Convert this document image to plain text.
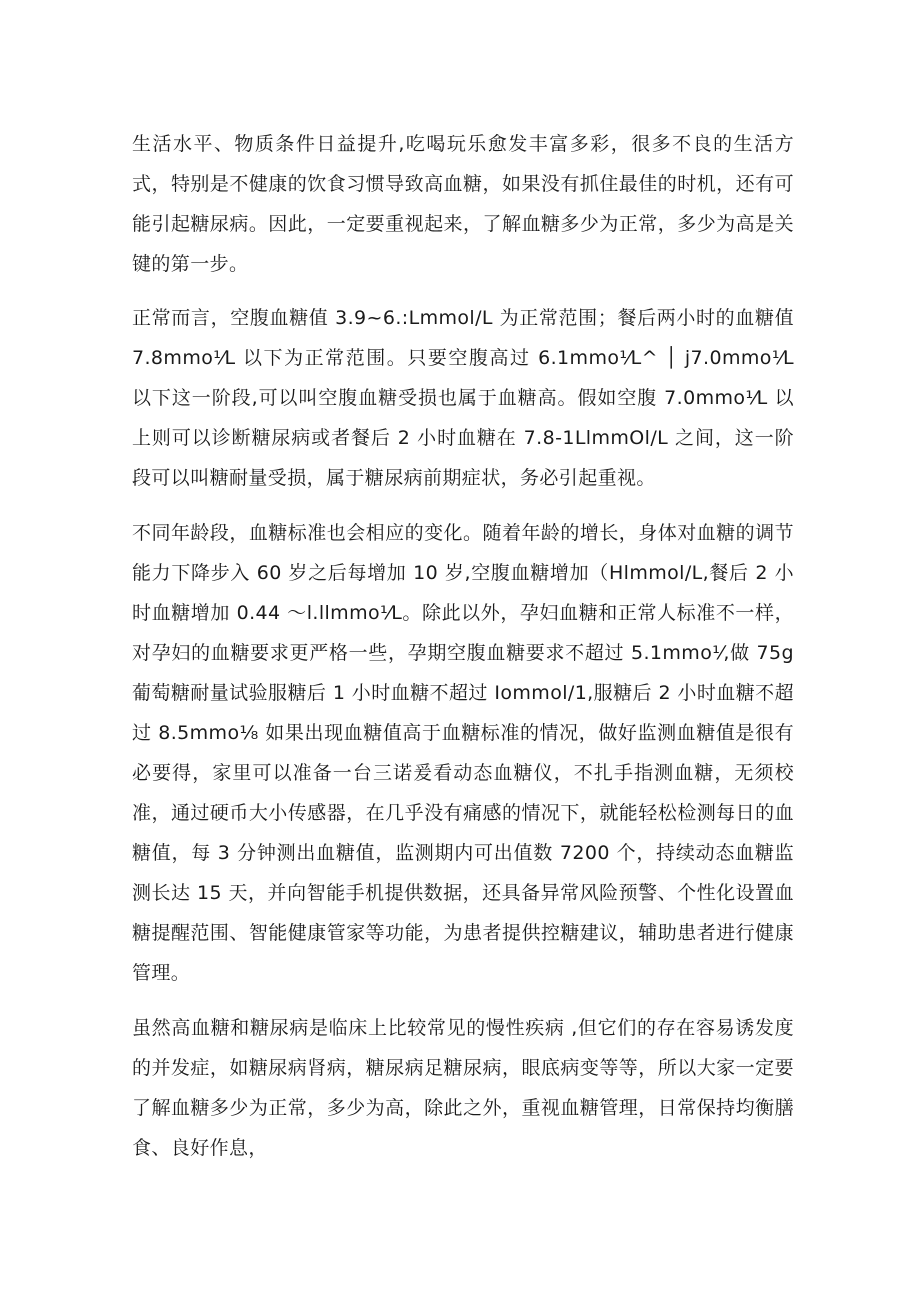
生活水平、物质条件日益提升,吃喝玩乐愈发丰富多彩，很多不良的生活方式，特别是不健康的饮食习惯导致高血糖，如果没有抓住最佳的时机，还有可能引起糖尿病。因此，一定要重视起来，了解血糖多少为正常，多少为高是关键的第一步。

正常而言，空腹血糖值 3.9~6.:Lmmol/L 为正常范围；餐后两小时的血糖值 7.8mmo⅟L 以下为正常范围。只要空腹高过 6.1mmo⅟L^ │ j7.0mmo⅟L 以下这一阶段,可以叫空腹血糖受损也属于血糖高。假如空腹 7.0mmo⅟L 以上则可以诊断糖尿病或者餐后 2 小时血糖在 7.8-1LlmmOl/L 之间，这一阶段可以叫糖耐量受损，属于糖尿病前期症状，务必引起重视。

不同年龄段，血糖标准也会相应的变化。随着年龄的增长，身体对血糖的调节能力下降步入 60 岁之后每增加 10 岁,空腹血糖增加（Hlmmol/L,餐后 2 小时血糖增加 0.44 〜l.llmmo⅟L。除此以外，孕妇血糖和正常人标准不一样，对孕妇的血糖要求更严格一些，孕期空腹血糖要求不超过 5.1mmo⅟,做 75g 葡萄糖耐量试验服糖后 1 小时血糖不超过 Iommol/1,服糖后 2 小时血糖不超过 8.5mmo⅟₈ 如果出现血糖值高于血糖标准的情况，做好监测血糖值是很有必要得，家里可以准备一台三诺爰看动态血糖仪，不扎手指测血糖，无须校准，通过硬币大小传感器，在几乎没有痛感的情况下，就能轻松检测每日的血糖值，每 3 分钟测出血糖值，监测期内可出值数 7200 个，持续动态血糖监测长达 15 天，并向智能手机提供数据，还具备异常风险预警、个性化设置血糖提醒范围、智能健康管家等功能，为患者提供控糖建议，辅助患者进行健康管理。

虽然高血糖和糖尿病是临床上比较常见的慢性疾病 ,但它们的存在容易诱发度的并发症，如糖尿病肾病，糖尿病足糖尿病，眼底病变等等，所以大家一定要了解血糖多少为正常，多少为高，除此之外，重视血糖管理，日常保持均衡膳食、良好作息，
